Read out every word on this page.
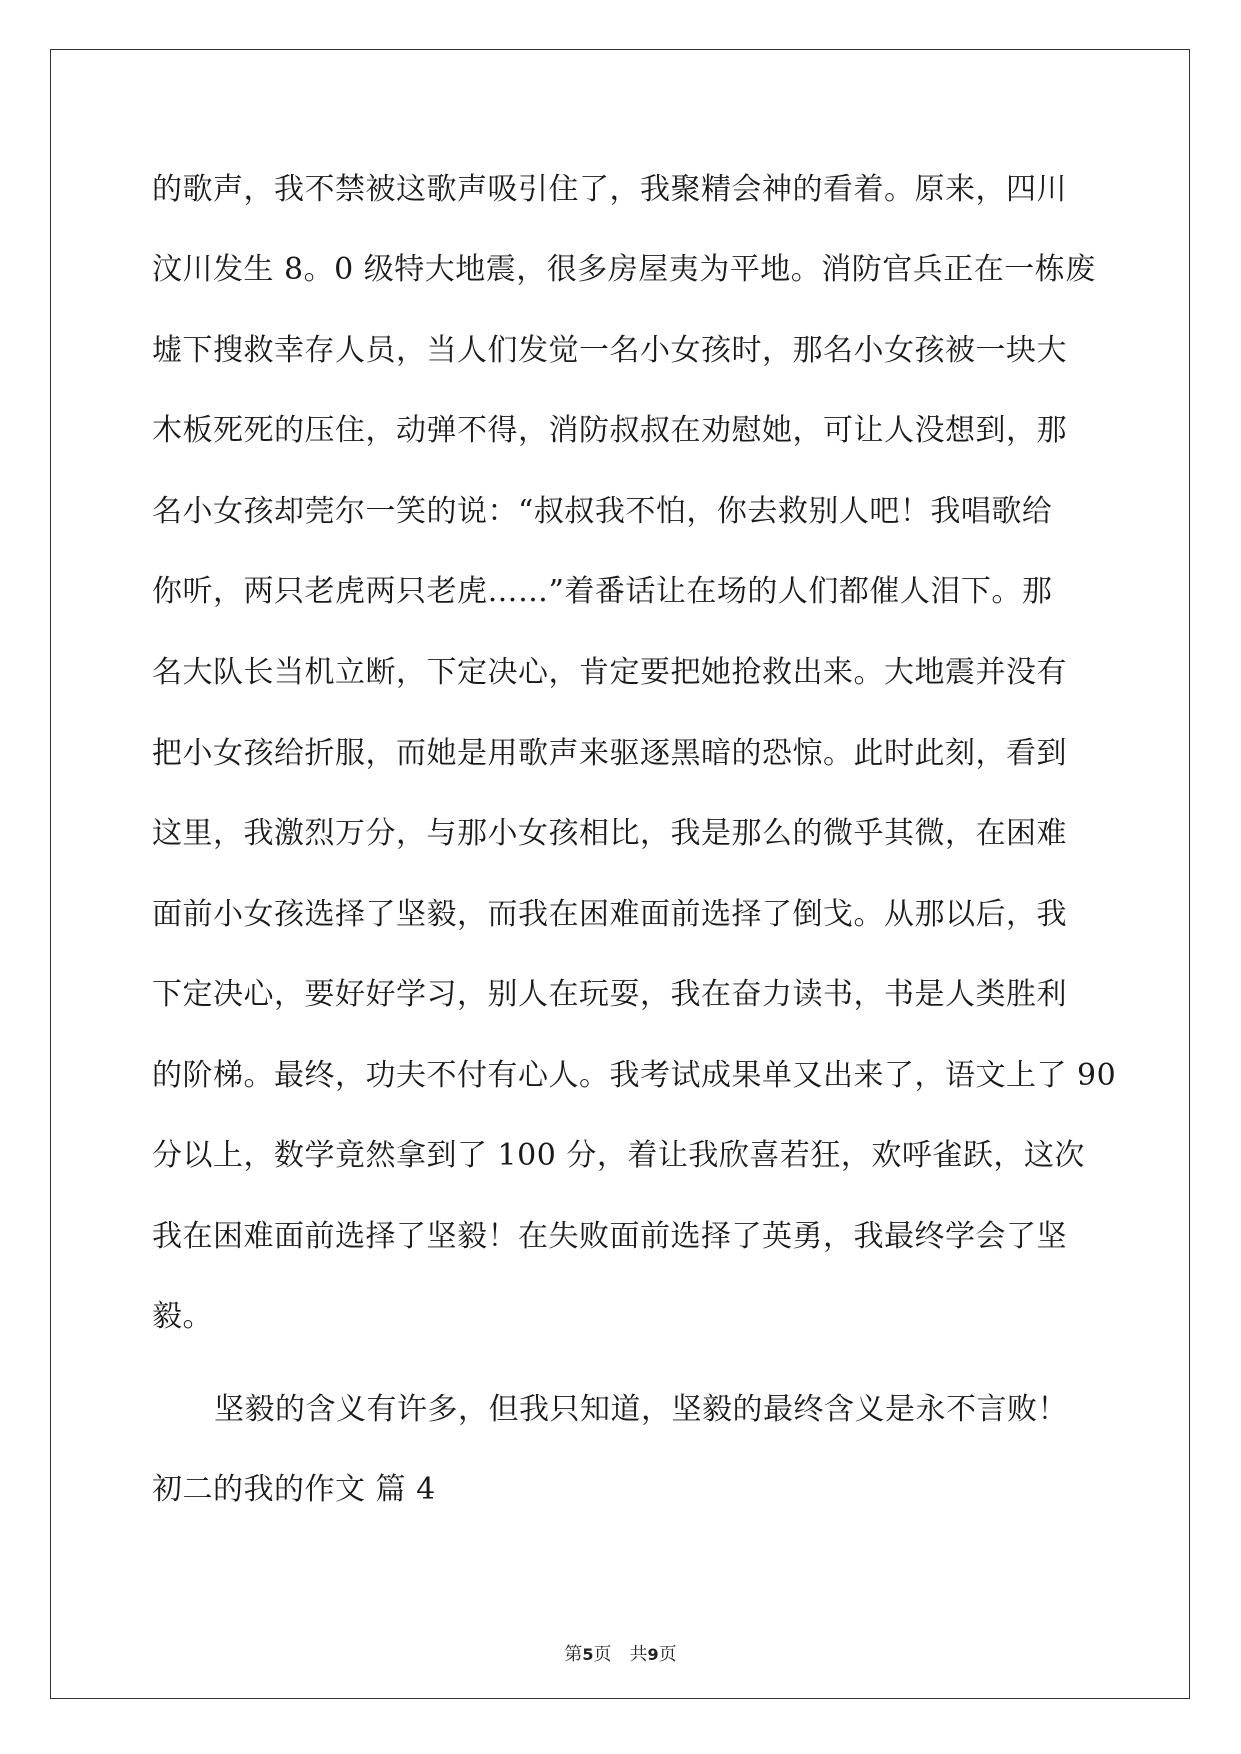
的歌声，我不禁被这歌声吸引住了，我聚精会神的看着。原来，四川
汶川发生 8。0 级特大地震，很多房屋夷为平地。消防官兵正在一栋废
墟下搜救幸存人员，当人们发觉一名小女孩时，那名小女孩被一块大
木板死死的压住，动弹不得，消防叔叔在劝慰她，可让人没想到，那
名小女孩却莞尔一笑的说：“叔叔我不怕，你去救别人吧！我唱歌给
你听，两只老虎两只老虎……”着番话让在场的人们都催人泪下。那
名大队长当机立断，下定决心，肯定要把她抢救出来。大地震并没有
把小女孩给折服，而她是用歌声来驱逐黑暗的恐惊。此时此刻，看到
这里，我激烈万分，与那小女孩相比，我是那么的微乎其微，在困难
面前小女孩选择了坚毅，而我在困难面前选择了倒戈。从那以后，我
下定决心，要好好学习，别人在玩耍，我在奋力读书，书是人类胜利
的阶梯。最终，功夫不付有心人。我考试成果单又出来了，语文上了 90
分以上，数学竟然拿到了 100 分，着让我欣喜若狂，欢呼雀跃，这次
我在困难面前选择了坚毅！在失败面前选择了英勇，我最终学会了坚
毅。
坚毅的含义有许多，但我只知道，坚毅的最终含义是永不言败！
初二的我的作文 篇 4
第5页 共9页
